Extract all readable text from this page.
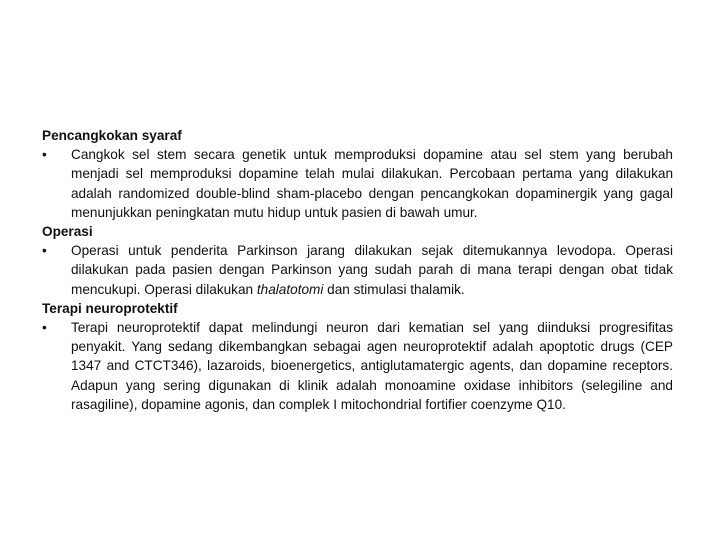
Pencangkokan syaraf

•	Cangkok sel stem secara genetik untuk memproduksi dopamine atau sel stem yang berubah menjadi sel memproduksi dopamine telah mulai dilakukan. Percobaan pertama yang dilakukan adalah randomized double-blind sham-placebo dengan pencangkokan dopaminergik yang gagal menunjukkan peningkatan mutu hidup untuk pasien di bawah umur.

Operasi

•	Operasi untuk penderita Parkinson jarang dilakukan sejak ditemukannya levodopa. Operasi dilakukan pada pasien dengan Parkinson yang sudah parah di mana terapi dengan obat tidak mencukupi. Operasi dilakukan thalatotomi dan stimulasi thalamik.

Terapi neuroprotektif

•	Terapi neuroprotektif dapat melindungi neuron dari kematian sel yang diinduksi progresifitas penyakit. Yang sedang dikembangkan sebagai agen neuroprotektif adalah apoptotic drugs (CEP 1347 and CTCT346), lazaroids, bioenergetics, antiglutamatergic agents, dan dopamine receptors. Adapun yang sering digunakan di klinik adalah monoamine oxidase inhibitors (selegiline and rasagiline), dopamine agonis, dan complek I mitochondrial fortifier coenzyme Q10.
